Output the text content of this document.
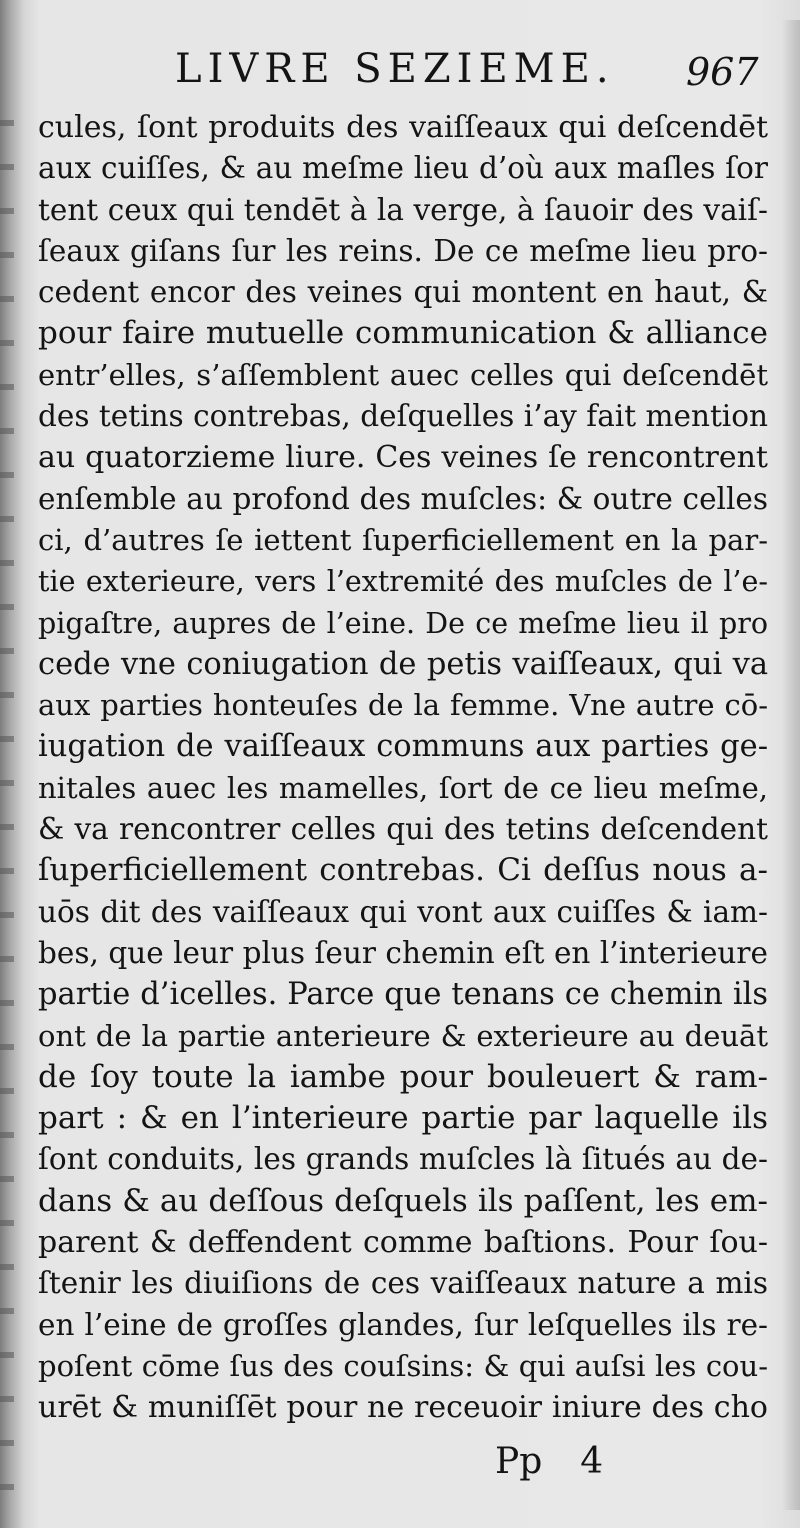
LIVRE SEZIEME. 967
cules, ſont produits des vaiſſeaux qui deſcendēt
aux cuiſſes, & au meſme lieu d’où aux maſles ſor
tent ceux qui tendēt à la verge, à ſauoir des vaiſ-
ſeaux giſans ſur les reins. De ce meſme lieu pro-
cedent encor des veines qui montent en haut, &
pour faire mutuelle communication & alliance
entr’elles, s’aſſemblent auec celles qui deſcendēt
des tetins contrebas, deſquelles i’ay fait mention
au quatorzieme liure. Ces veines ſe rencontrent
enſemble au profond des muſcles: & outre celles
ci, d’autres ſe iettent ſuperficiellement en la par-
tie exterieure, vers l’extremité des muſcles de l’e-
pigaſtre, aupres de l’eine. De ce meſme lieu il pro
cede vne coniugation de petis vaiſſeaux, qui va
aux parties honteuſes de la femme. Vne autre cō-
iugation de vaiſſeaux communs aux parties ge-
nitales auec les mamelles, ſort de ce lieu meſme,
& va rencontrer celles qui des tetins deſcendent
ſuperficiellement contrebas. Ci deſſus nous a-
uōs dit des vaiſſeaux qui vont aux cuiſſes & iam-
bes, que leur plus ſeur chemin eſt en l’interieure
partie d’icelles. Parce que tenans ce chemin ils
ont de la partie anterieure & exterieure au deuāt
de ſoy toute la iambe pour bouleuert & ram-
part : & en l’interieure partie par laquelle ils
ſont conduits, les grands muſcles là ſitués au de-
dans & au deſſous deſquels ils paſſent, les em-
parent & deffendent comme baſtions. Pour ſou-
ſtenir les diuiſions de ces vaiſſeaux nature a mis
en l’eine de groſſes glandes, ſur leſquelles ils re-
poſent cōme ſus des couſsins: & qui auſsi les cou-
urēt & muniſſēt pour ne receuoir iniure des cho
Pp 4
